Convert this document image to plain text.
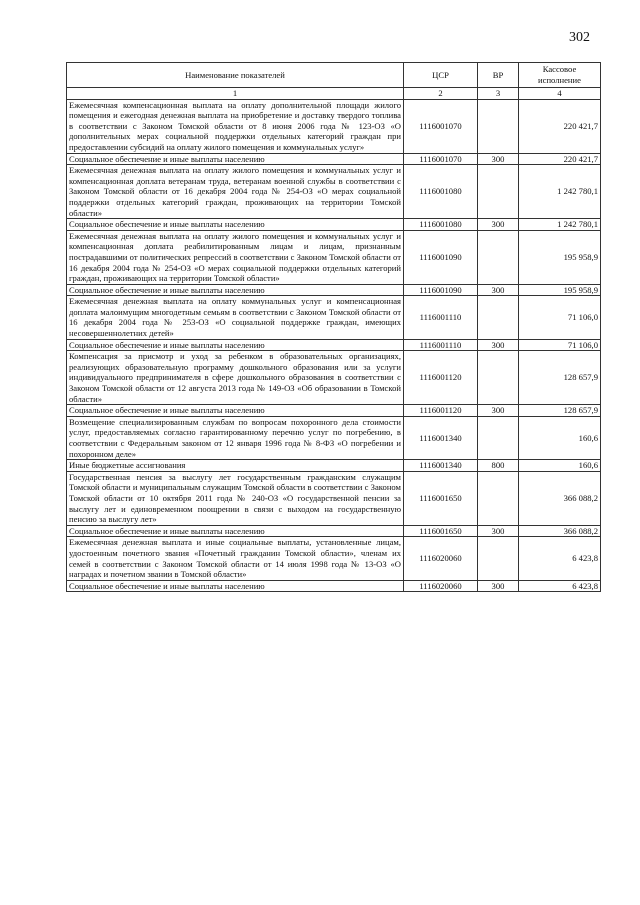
302
Наименование показателей	ЦСР	ВР	Кассовое исполнение
1	2	3	4
Ежемесячная компенсационная выплата на оплату дополнительной площади жилого помещения и ежегодная денежная выплата на приобретение и доставку твердого топлива в соответствии с Законом Томской области от 8 июня 2006 года № 123-ОЗ «О дополнительных мерах социальной поддержки отдельных категорий граждан при предоставлении субсидий на оплату жилого помещения и коммунальных услуг»	1116001070		220 421,7
Социальное обеспечение и иные выплаты населению	1116001070	300	220 421,7
Ежемесячная денежная выплата на оплату жилого помещения и коммунальных услуг и компенсационная доплата ветеранам труда, ветеранам военной службы в соответствии с Законом Томской области от 16 декабря 2004 года № 254-ОЗ «О мерах социальной поддержки отдельных категорий граждан, проживающих на территории Томской области»	1116001080		1 242 780,1
Социальное обеспечение и иные выплаты населению	1116001080	300	1 242 780,1
Ежемесячная денежная выплата на оплату жилого помещения и коммунальных услуг и компенсационная доплата реабилитированным лицам и лицам, признанным пострадавшими от политических репрессий в соответствии с Законом Томской области от 16 декабря 2004 года № 254-ОЗ «О мерах социальной поддержки отдельных категорий граждан, проживающих на территории Томской области»	1116001090		195 958,9
Социальное обеспечение и иные выплаты населению	1116001090	300	195 958,9
Ежемесячная денежная выплата на оплату коммунальных услуг и компенсационная доплата малоимущим многодетным семьям в соответствии с Законом Томской области от 16 декабря 2004 года № 253-ОЗ «О социальной поддержке граждан, имеющих несовершеннолетних детей»	1116001110		71 106,0
Социальное обеспечение и иные выплаты населению	1116001110	300	71 106,0
Компенсация за присмотр и уход за ребенком в образовательных организациях, реализующих образовательную программу дошкольного образования или за услуги индивидуального предпринимателя в сфере дошкольного образования в соответствии с Законом Томской области от 12 августа 2013 года № 149-ОЗ «Об образовании в Томской области»	1116001120		128 657,9
Социальное обеспечение и иные выплаты населению	1116001120	300	128 657,9
Возмещение специализированным службам по вопросам похоронного дела стоимости услуг, предоставляемых согласно гарантированному перечню услуг по погребению, в соответствии с Федеральным законом от 12 января 1996 года № 8-ФЗ «О погребении и похоронном деле»	1116001340		160,6
Иные бюджетные ассигнования	1116001340	800	160,6
Государственная пенсия за выслугу лет государственным гражданским служащим Томской области и муниципальным служащим Томской области в соответствии с Законом Томской области от 10 октября 2011 года № 240-ОЗ «О государственной пенсии за выслугу лет и единовременном поощрении в связи с выходом на государственную пенсию за выслугу лет»	1116001650		366 088,2
Социальное обеспечение и иные выплаты населению	1116001650	300	366 088,2
Ежемесячная денежная выплата и иные социальные выплаты, установленные лицам, удостоенным почетного звания «Почетный гражданин Томской области», членам их семей в соответствии с Законом Томской области от 14 июля 1998 года № 13-ОЗ «О наградах и почетном звании в Томской области»	1116020060		6 423,8
Социальное обеспечение и иные выплаты населению	1116020060	300	6 423,8
